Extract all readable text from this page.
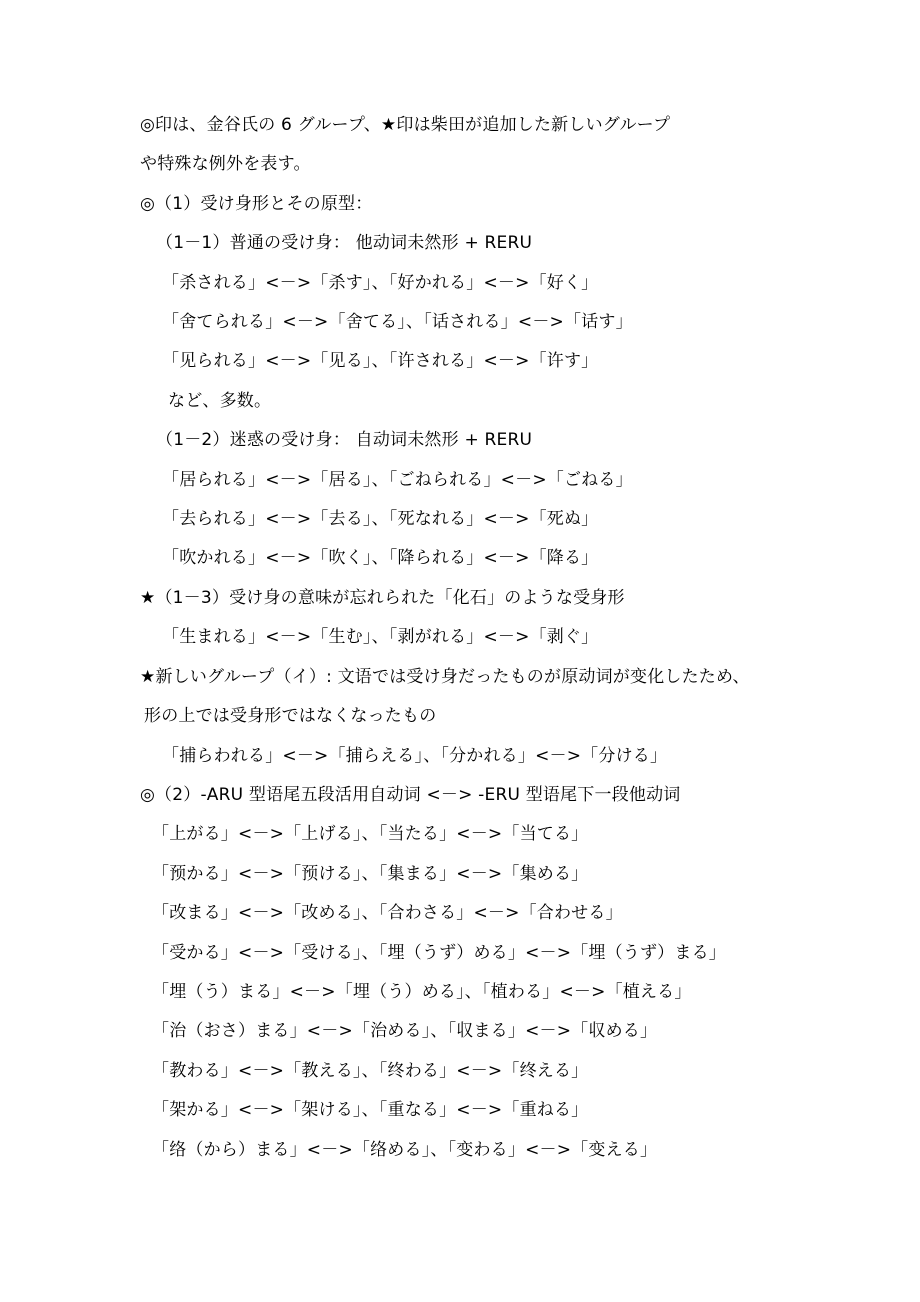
◎印は、金谷氏の 6 グループ、★印は柴田が追加した新しいグループ
や特殊な例外を表す。
◎（1）受け身形とその原型：
（1－1）普通の受け身： 他动词未然形 + RERU
「杀される」<－>「杀す」、「好かれる」<－>「好く」
「舍てられる」<－>「舍てる」、「话される」<－>「话す」
「见られる」<－>「见る」、「许される」<－>「许す」
など、多数。
（1－2）迷惑の受け身： 自动词未然形 + RERU
「居られる」<－>「居る」、「ごねられる」<－>「ごねる」
「去られる」<－>「去る」、「死なれる」<－>「死ぬ」
「吹かれる」<－>「吹く」、「降られる」<－>「降る」
★（1－3）受け身の意味が忘れられた「化石」のような受身形
「生まれる」<－>「生む」、「剥がれる」<－>「剥ぐ」
★新しいグループ（イ）: 文语では受け身だったものが原动词が变化したため、
形の上では受身形ではなくなったもの
「捕らわれる」<－>「捕らえる」、「分かれる」<－>「分ける」
◎（2）-ARU 型语尾五段活用自动词 <－> -ERU 型语尾下一段他动词
「上がる」<－>「上げる」、「当たる」<－>「当てる」
「预かる」<－>「预ける」、「集まる」<－>「集める」
「改まる」<－>「改める」、「合わさる」<－>「合わせる」
「受かる」<－>「受ける」、「埋（うず）める」<－>「埋（うず）まる」
「埋（う）まる」<－>「埋（う）める」、「植わる」<－>「植える」
「治（おさ）まる」<－>「治める」、「収まる」<－>「収める」
「教わる」<－>「教える」、「终わる」<－>「终える」
「架かる」<－>「架ける」、「重なる」<－>「重ねる」
「络（から）まる」<－>「络める」、「变わる」<－>「变える」
